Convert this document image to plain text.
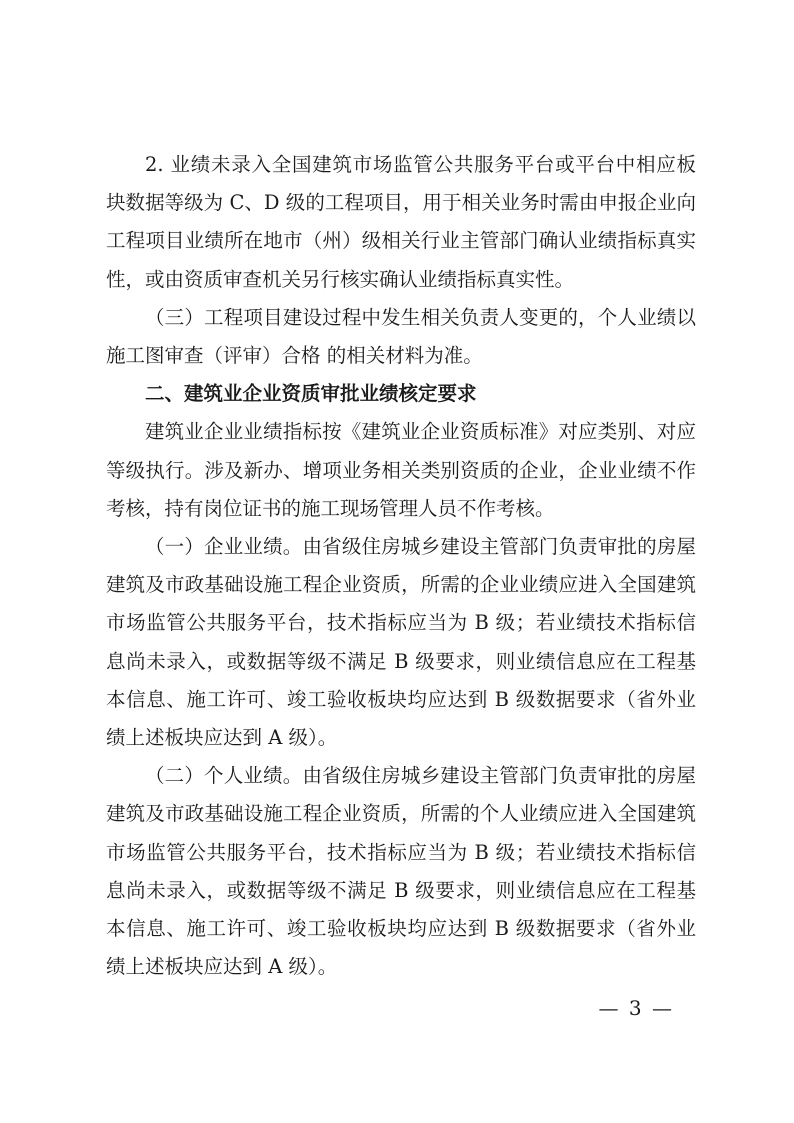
2. 业绩未录入全国建筑市场监管公共服务平台或平台中相应板块数据等级为 C、D 级的工程项目，用于相关业务时需由申报企业向工程项目业绩所在地市（州）级相关行业主管部门确认业绩指标真实性，或由资质审查机关另行核实确认业绩指标真实性。

（三）工程项目建设过程中发生相关负责人变更的，个人业绩以施工图审查（评审）合格 的相关材料为准。

二、建筑业企业资质审批业绩核定要求

建筑业企业业绩指标按《建筑业企业资质标准》对应类别、对应等级执行。涉及新办、增项业务相关类别资质的企业，企业业绩不作考核，持有岗位证书的施工现场管理人员不作考核。

（一）企业业绩。由省级住房城乡建设主管部门负责审批的房屋建筑及市政基础设施工程企业资质，所需的企业业绩应进入全国建筑市场监管公共服务平台，技术指标应当为 B 级；若业绩技术指标信息尚未录入，或数据等级不满足 B 级要求，则业绩信息应在工程基本信息、施工许可、竣工验收板块均应达到 B 级数据要求（省外业绩上述板块应达到 A 级）。

（二）个人业绩。由省级住房城乡建设主管部门负责审批的房屋建筑及市政基础设施工程企业资质，所需的个人业绩应进入全国建筑市场监管公共服务平台，技术指标应当为 B 级；若业绩技术指标信息尚未录入，或数据等级不满足 B 级要求，则业绩信息应在工程基本信息、施工许可、竣工验收板块均应达到 B 级数据要求（省外业绩上述板块应达到 A 级）。

— 3 —
